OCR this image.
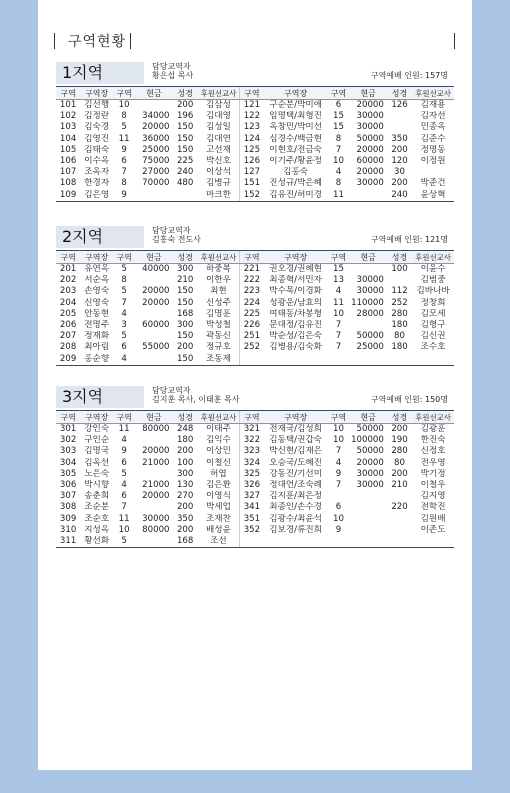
구역현황
1지역	담당교역자
황은섭 목사	구역예배 인원: 157명
구역	구역장	구역	현금	성경	후원선교사	구역	구역장	구역	현금	성경	후원선교사
101	김선행	10		200	김삼성	121	구순분/박미애	6	20000	126	김재용
102	김정란	8	34000	196	김대영	122	임명택/최형진	15	30000		김자선
103	김숙경	5	20000	150	김성일	123	옥창민/박미선	15	30000		민종옥
104	김영진	11	36000	150	김대연	124	심경수/백금현	8	50000	350	김준수
105	김태숙	9	25000	150	고선재	125	이현호/전금숙	7	20000	200	정명동
106	이수옥	6	75000	225	박신호	126	이기주/황윤정	10	60000	120	이정원
107	조옥자	7	27000	240	이상석	127	김홍숙	4	20000	30	
108	한경자	8	70000	480	김병규	151	진성규/박은혜	8	30000	200	박준건
109	김은영	9			마크한	152	김유진/허미경	11		240	윤상혁
2지역	담당교역자
김홍숙 전도사	구역예배 인원: 121명
구역	구역장	구역	현금	성경	후원선교사	구역	구역장	구역	현금	성경	후원선교사
201	유연옥	5	40000	300	하중복	221	권오경/권혜현	15		100	이윤수
202	서순옥	8		210	이한우	222	최종혁/서민자	13	30000		김범중
203	손영숙	5	20000	150	최현	223	박수목/이경화	4	30000	112	김바나바
204	신영숙	7	20000	150	신성주	224	성광운/남효의	11	110000	252	정창희
205	안동현	4		168	김명훈	225	여태동/차봉형	10	28000	280	김모세
206	전명주	3	60000	300	박성철	226	문대정/김유진	7		180	김형구
207	정재화	5		150	곽동신	251	박순성/김은숙	7	50000	80	김신권
208	최아림	6	55000	200	정규호	252	김병용/김숙화	7	25000	180	조수호
209	홍순향	4		150	조동제						
3지역	담당교역자
김지훈 목사, 이태훈 목사	구역예배 인원: 150명
구역	구역장	구역	현금	성경	후원선교사	구역	구역장	구역	현금	성경	후원선교사
301	강인숙	11	80000	248	이태주	321	전재국/김성희	10	50000	200	김광훈
302	구인순	4		180	김익수	322	김동택/권갑숙	10	100000	190	한진숙
303	김명국	9	20000	200	이상민	323	박신현/김재은	7	50000	280	신정호
304	김옥선	6	21000	100	이철신	324	오승국/도혜진	4	20000	80	전우영
305	노은숙	5		300	허엽	325	강동진/기선미	9	30000	200	박기정
306	박시향	4	21000	130	김은환	326	정대언/조숙례	7	30000	210	이철우
307	송춘희	6	20000	270	이영식	327	김지훈/최은정				김지영
308	조순분	7		200	박세업	341	최종인/손수경	6		220	전학진
309	조순호	11	30000	350	조재찬	351	김광수/최윤석	10			김원배
310	지성옥	10	80000	200	배성윤	352	김보경/류진희	9			이존도
311	황선화	5		168	조선						
